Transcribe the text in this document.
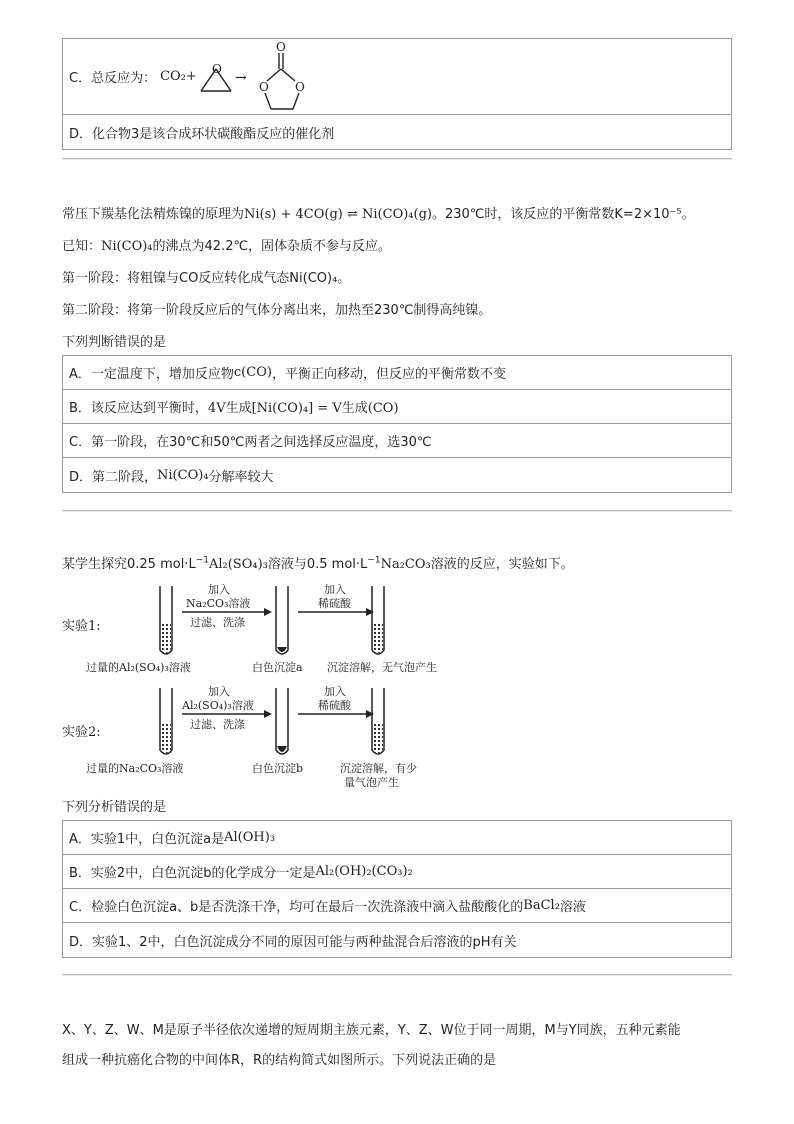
C．总反应为： CO₂+
O
→
O
O O
D．化合物3是该合成环状碳酸酯反应的催化剂
常压下羰基化法精炼镍的原理为Ni(s) + 4CO(g) ⇌ Ni(CO)₄(g)。230℃时，该反应的平衡常数K=2×10⁻⁵。
已知：Ni(CO)₄的沸点为42.2℃，固体杂质不参与反应。
第一阶段：将粗镍与CO反应转化成气态Ni(CO)₄。
第二阶段：将第一阶段反应后的气体分离出来，加热至230℃制得高纯镍。
下列判断错误的是
A．一定温度下，增加反应物 c(CO) ，平衡正向移动，但反应的平衡常数不变
B．该反应达到平衡时， 4V生成[Ni(CO)₄] = V生成(CO)
C．第一阶段，在30℃和50℃两者之间选择反应温度，选30℃
D．第二阶段， Ni(CO)₄ 分解率较大
某学生探究0.25 $mol\cdot L^{-1}Al_2(SO_4)_3$溶液与0.5 $mol\cdot L^{-1}Na_2CO_3$溶液的反应，实验如下。
实验1:
加入
Na₂CO₃溶液
过滤、洗涤
加入
稀硫酸
过量的Al₂(SO₄)₃溶液	白色沉淀a 沉淀溶解，无气泡产生
实验2:
加入
Al₂(SO₄)₃溶液
过滤、洗涤
加入
稀硫酸
过量的Na₂CO₃溶液	白色沉淀b	沉淀溶解，有少
量气泡产生
下列分析错误的是
A．实验1中，白色沉淀a是 Al(OH)₃
B．实验2中，白色沉淀b的化学成分一定是 Al₂(OH)₂(CO₃)₂
C．检验白色沉淀a、b是否洗涤干净，均可在最后一次洗涤液中滴入盐酸酸化的 BaCl₂ 溶液
D．实验1、2中，白色沉淀成分不同的原因可能与两种盐混合后溶液的pH有关
X、Y、Z、W、M是原子半径依次递增的短周期主族元素，Y、Z、W位于同一周期，M与Y同族，五种元素能
组成一种抗癌化合物的中间体R，R的结构简式如图所示。下列说法正确的是
